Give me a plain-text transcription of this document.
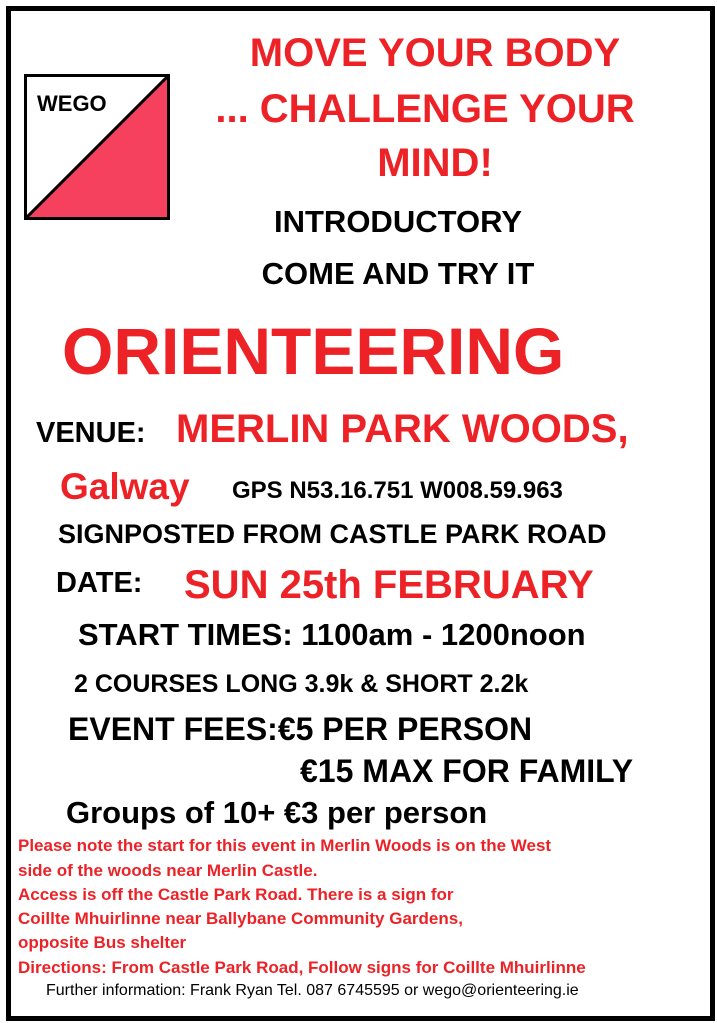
WEGO
MOVE YOUR BODY
... CHALLENGE YOUR
MIND!
INTRODUCTORY
COME AND TRY IT
ORIENTEERING
VENUE: MERLIN PARK WOODS,
Galway GPS N53.16.751 W008.59.963
SIGNPOSTED FROM CASTLE PARK ROAD
DATE: SUN 25th FEBRUARY
START TIMES: 1100am - 1200noon
2 COURSES LONG 3.9k & SHORT 2.2k
EVENT FEES:€5 PER PERSON
€15 MAX FOR FAMILY
Groups of 10+ €3 per person
Please note the start for this event in Merlin Woods is on the West
side of the woods near Merlin Castle.
Access is off the Castle Park Road. There is a sign for
Coillte Mhuirlinne near Ballybane Community Gardens,
opposite Bus shelter
Directions: From Castle Park Road, Follow signs for Coillte Mhuirlinne
Further information: Frank Ryan Tel. 087 6745595 or wego@orienteering.ie
